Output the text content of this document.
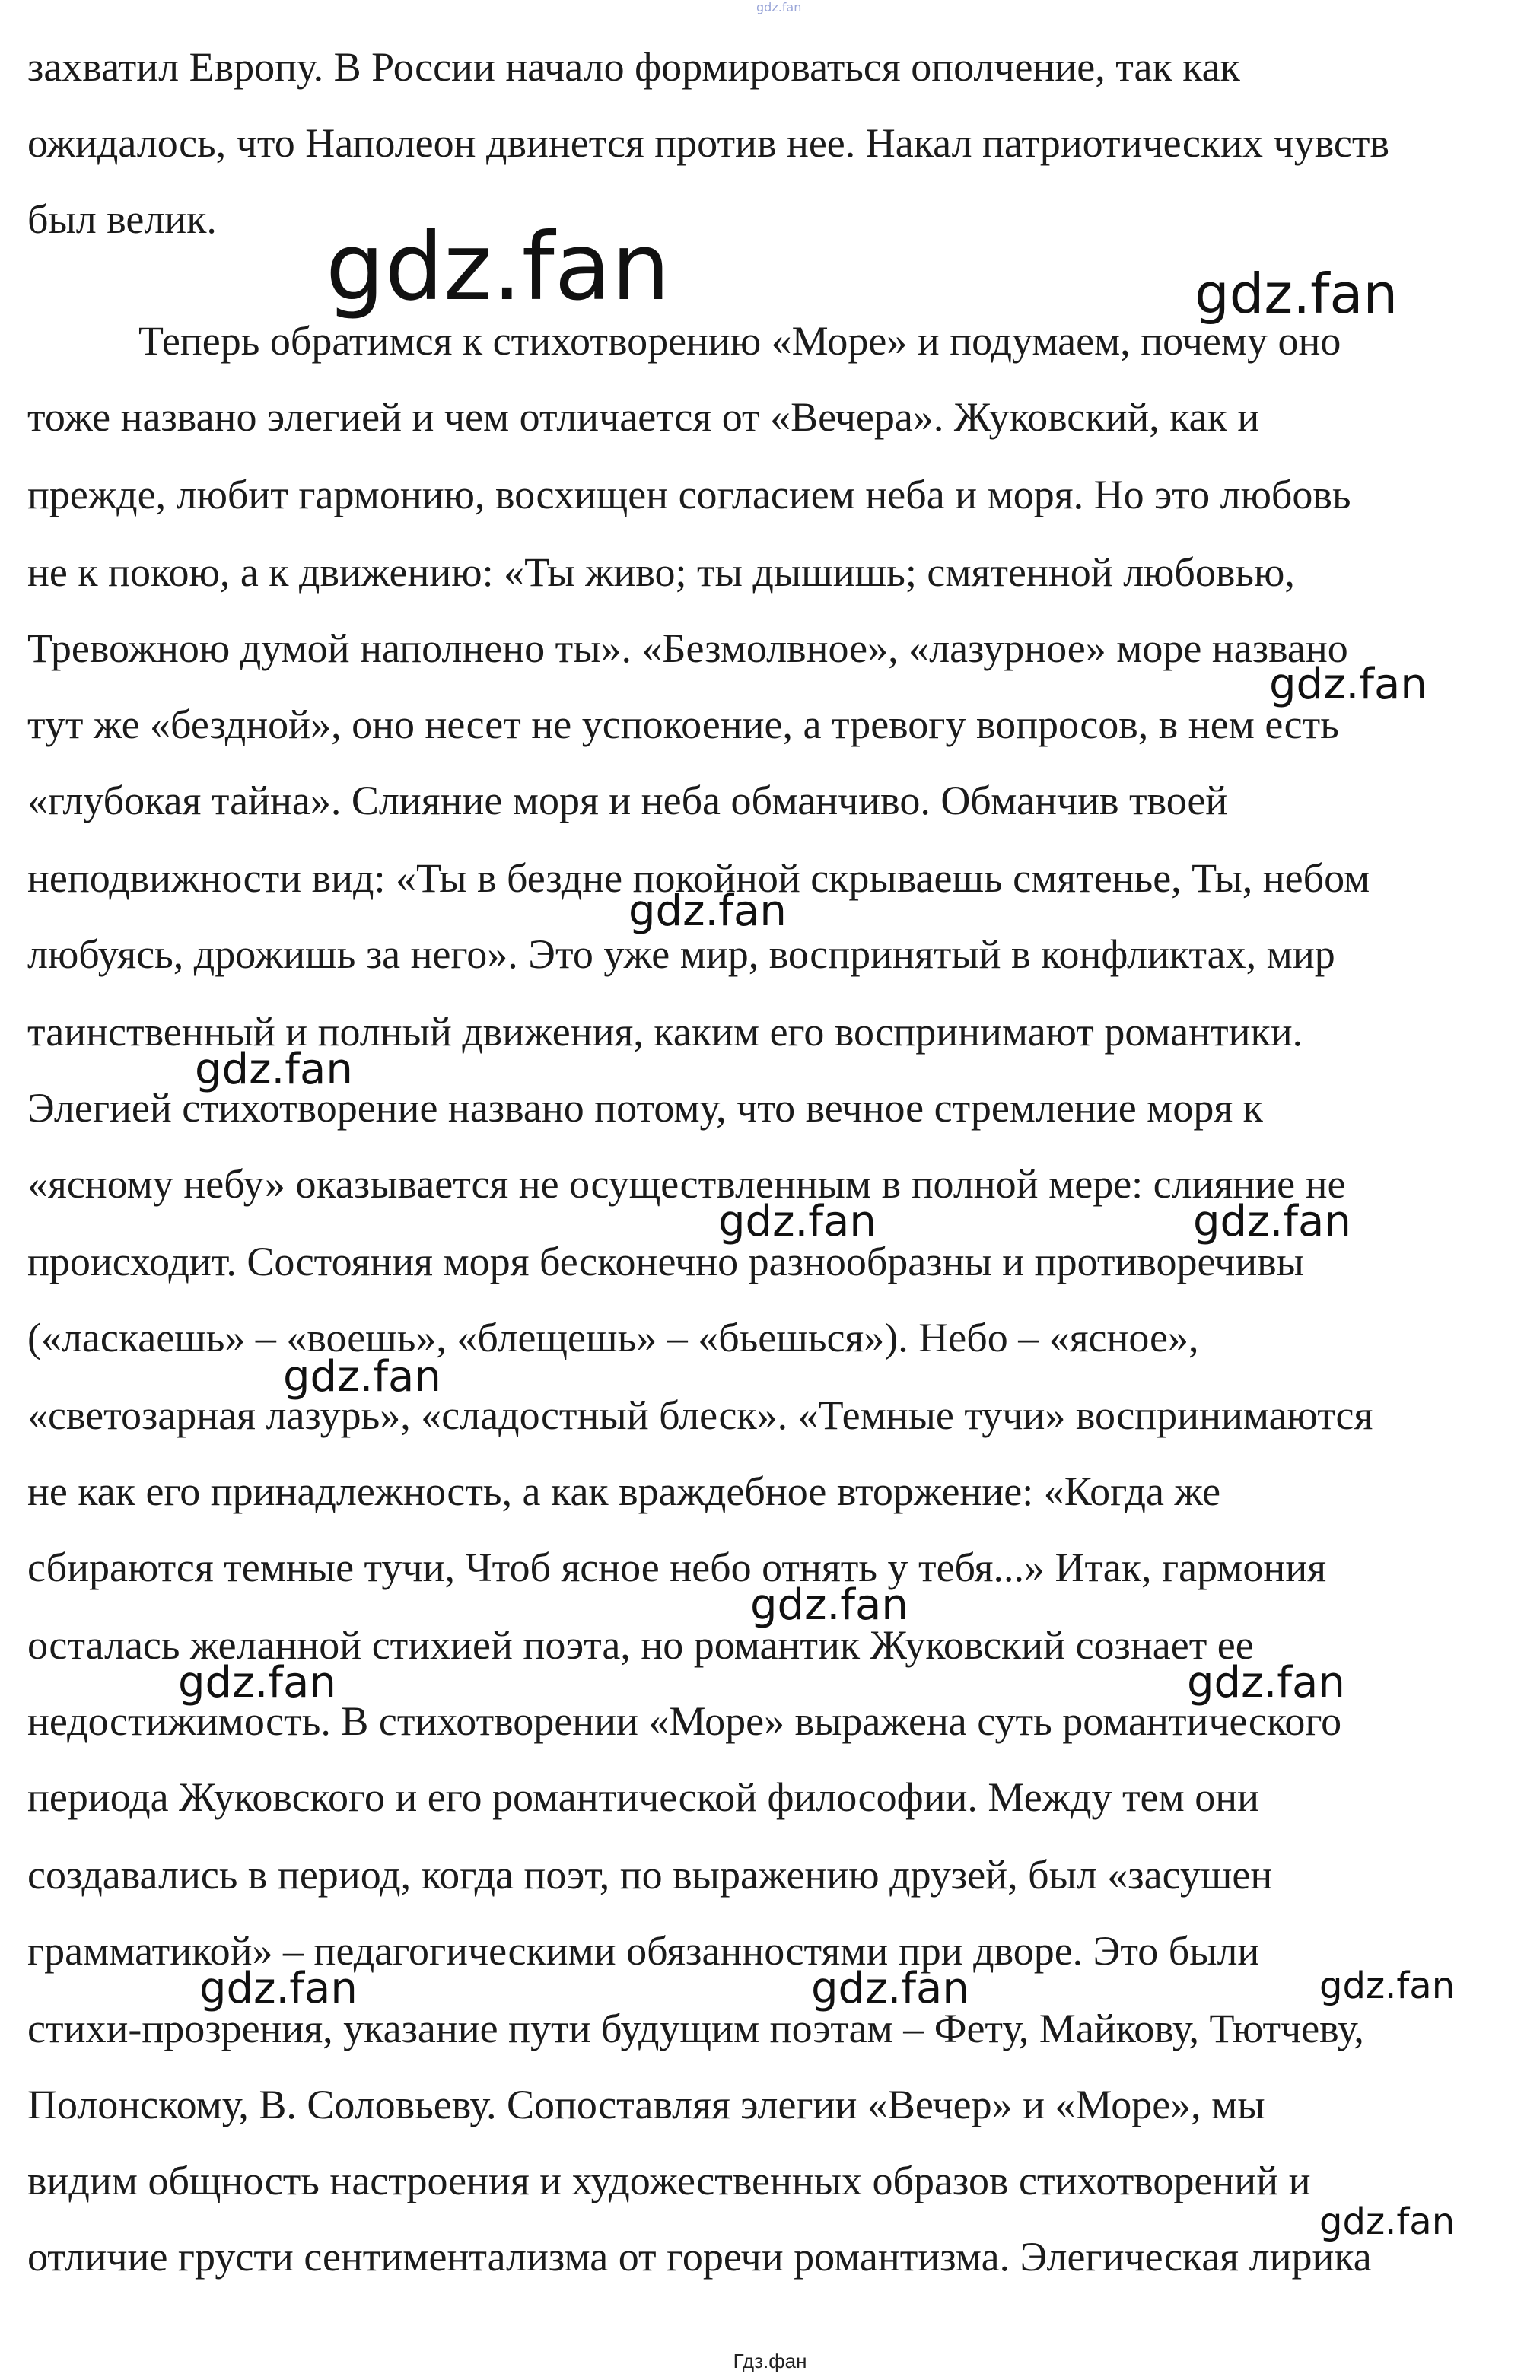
gdz.fan
захватил Европу. В России начало формироваться ополчение, так как
ожидалось, что Наполеон двинется против нее. Накал патриотических чувств
был велик.
Теперь обратимся к стихотворению «Море» и подумаем, почему оно
тоже названо элегией и чем отличается от «Вечера». Жуковский, как и
прежде, любит гармонию, восхищен согласием неба и моря. Но это любовь
не к покою, а к движению: «Ты живо; ты дышишь; смятенной любовью,
Тревожною думой наполнено ты». «Безмолвное», «лазурное» море названо
тут же «бездной», оно несет не успокоение, а тревогу вопросов, в нем есть
«глубокая тайна». Слияние моря и неба обманчиво. Обманчив твоей
неподвижности вид: «Ты в бездне покойной скрываешь смятенье, Ты, небом
любуясь, дрожишь за него». Это уже мир, воспринятый в конфликтах, мир
таинственный и полный движения, каким его воспринимают романтики.
Элегией стихотворение названо потому, что вечное стремление моря к
«ясному небу» оказывается не осуществленным в полной мере: слияние не
происходит. Состояния моря бесконечно разнообразны и противоречивы
(«ласкаешь» – «воешь», «блещешь» – «бьешься»). Небо – «ясное»,
«светозарная лазурь», «сладостный блеск». «Темные тучи» воспринимаются
не как его принадлежность, а как враждебное вторжение: «Когда же
сбираются темные тучи, Чтоб ясное небо отнять у тебя...» Итак, гармония
осталась желанной стихией поэта, но романтик Жуковский сознает ее
недостижимость. В стихотворении «Море» выражена суть романтического
периода Жуковского и его романтической философии. Между тем они
создавались в период, когда поэт, по выражению друзей, был «засушен
грамматикой» – педагогическими обязанностями при дворе. Это были
стихи-прозрения, указание пути будущим поэтам – Фету, Майкову, Тютчеву,
Полонскому, В. Соловьеву. Сопоставляя элегии «Вечер» и «Море», мы
видим общность настроения и художественных образов стихотворений и
отличие грусти сентиментализма от горечи романтизма. Элегическая лирика
gdz.fan	gdz.fan
gdz.fan
gdz.fan
gdz.fan
gdz.fan	gdz.fan
gdz.fan
gdz.fan
gdz.fan	gdz.fan
gdz.fan	gdz.fan	gdz.fan
gdz.fan
Гдз.фан
